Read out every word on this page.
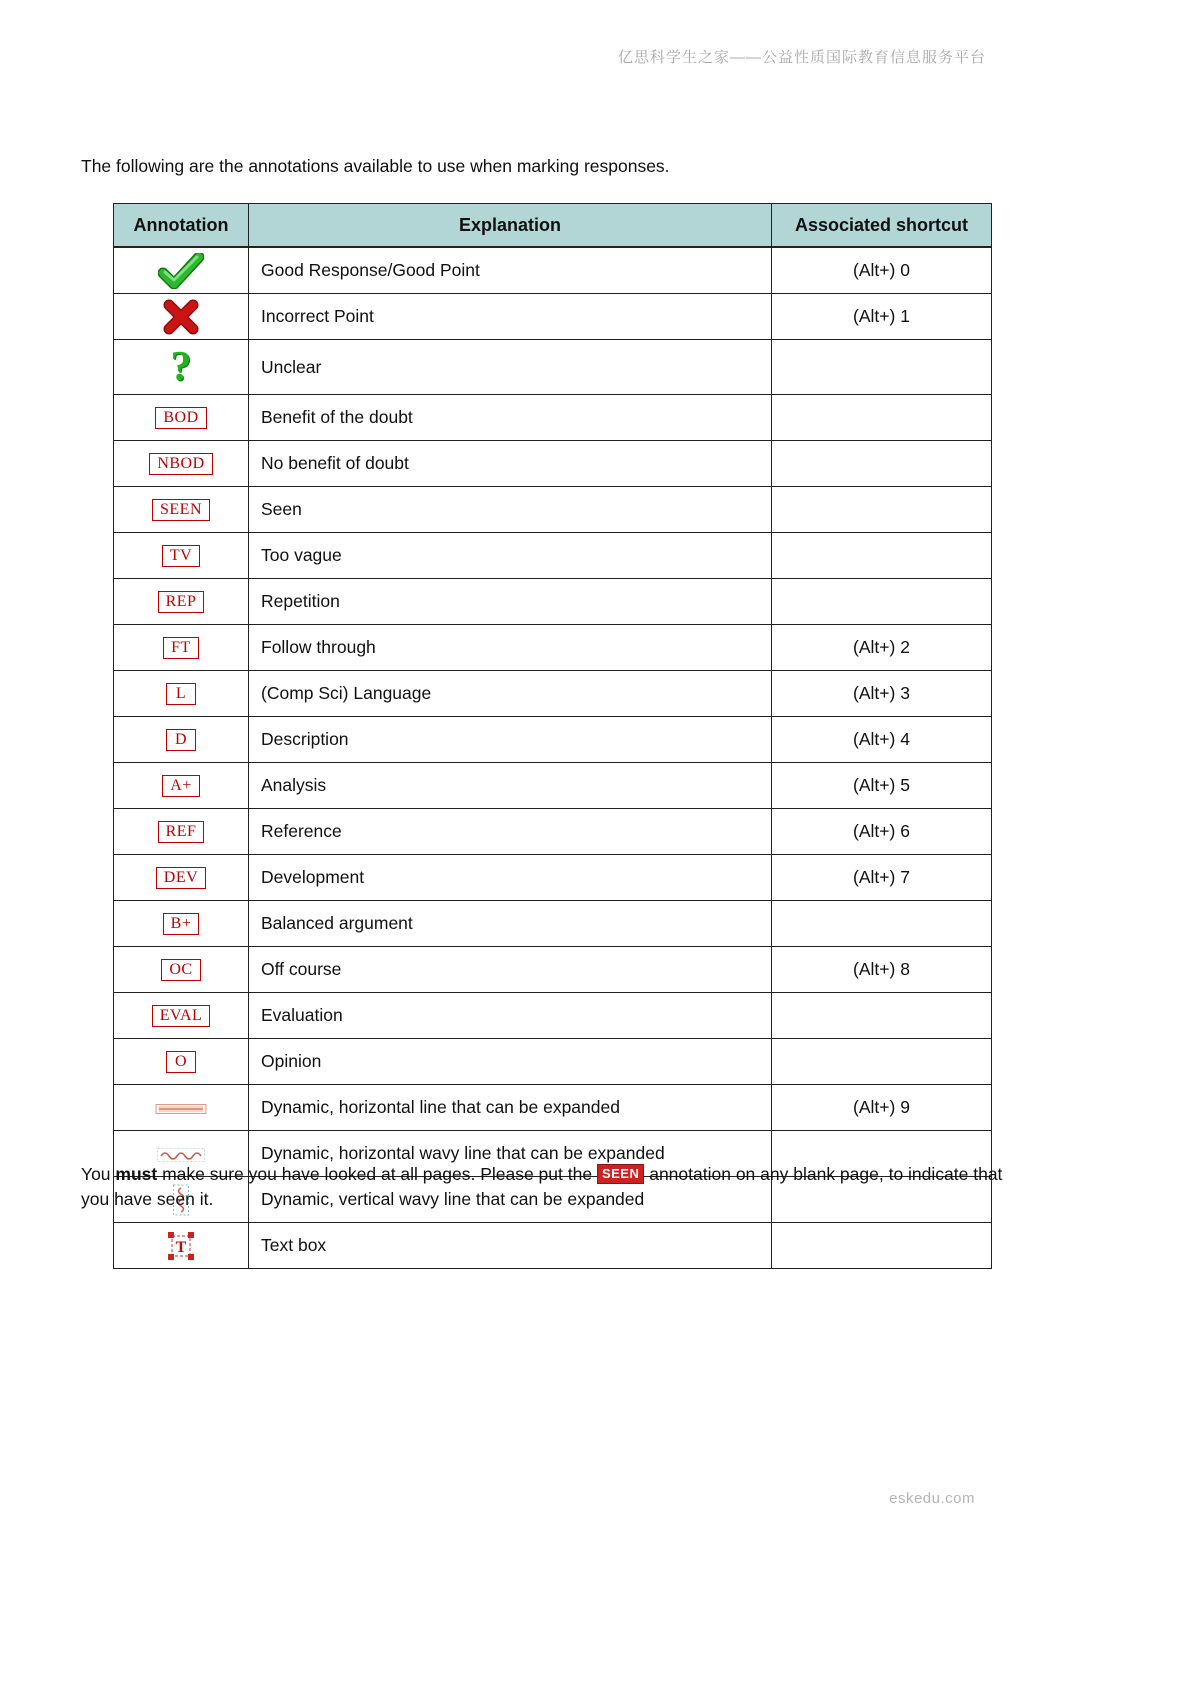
亿思科学生之家——公益性质国际教育信息服务平台

The following are the annotations available to use when marking responses.

Annotation	Explanation	Associated shortcut
	Good Response/Good Point	(Alt+) 0
	Incorrect Point	(Alt+) 1
?	Unclear	
BOD	Benefit of the doubt	
NBOD	No benefit of doubt	
SEEN	Seen	
TV	Too vague	
REP	Repetition	
FT	Follow through	(Alt+) 2
L	(Comp Sci) Language	(Alt+) 3
D	Description	(Alt+) 4
A+	Analysis	(Alt+) 5
REF	Reference	(Alt+) 6
DEV	Development	(Alt+) 7
B+	Balanced argument	
OC	Off course	(Alt+) 8
EVAL	Evaluation	
O	Opinion	
	Dynamic, horizontal line that can be expanded	(Alt+) 9
	Dynamic, horizontal wavy line that can be expanded	
	Dynamic, vertical wavy line that can be expanded	

T	Text box	

You must make sure you have looked at all pages. Please put the SEEN annotation on any blank page, to indicate that you have seen it.

eskedu.com
